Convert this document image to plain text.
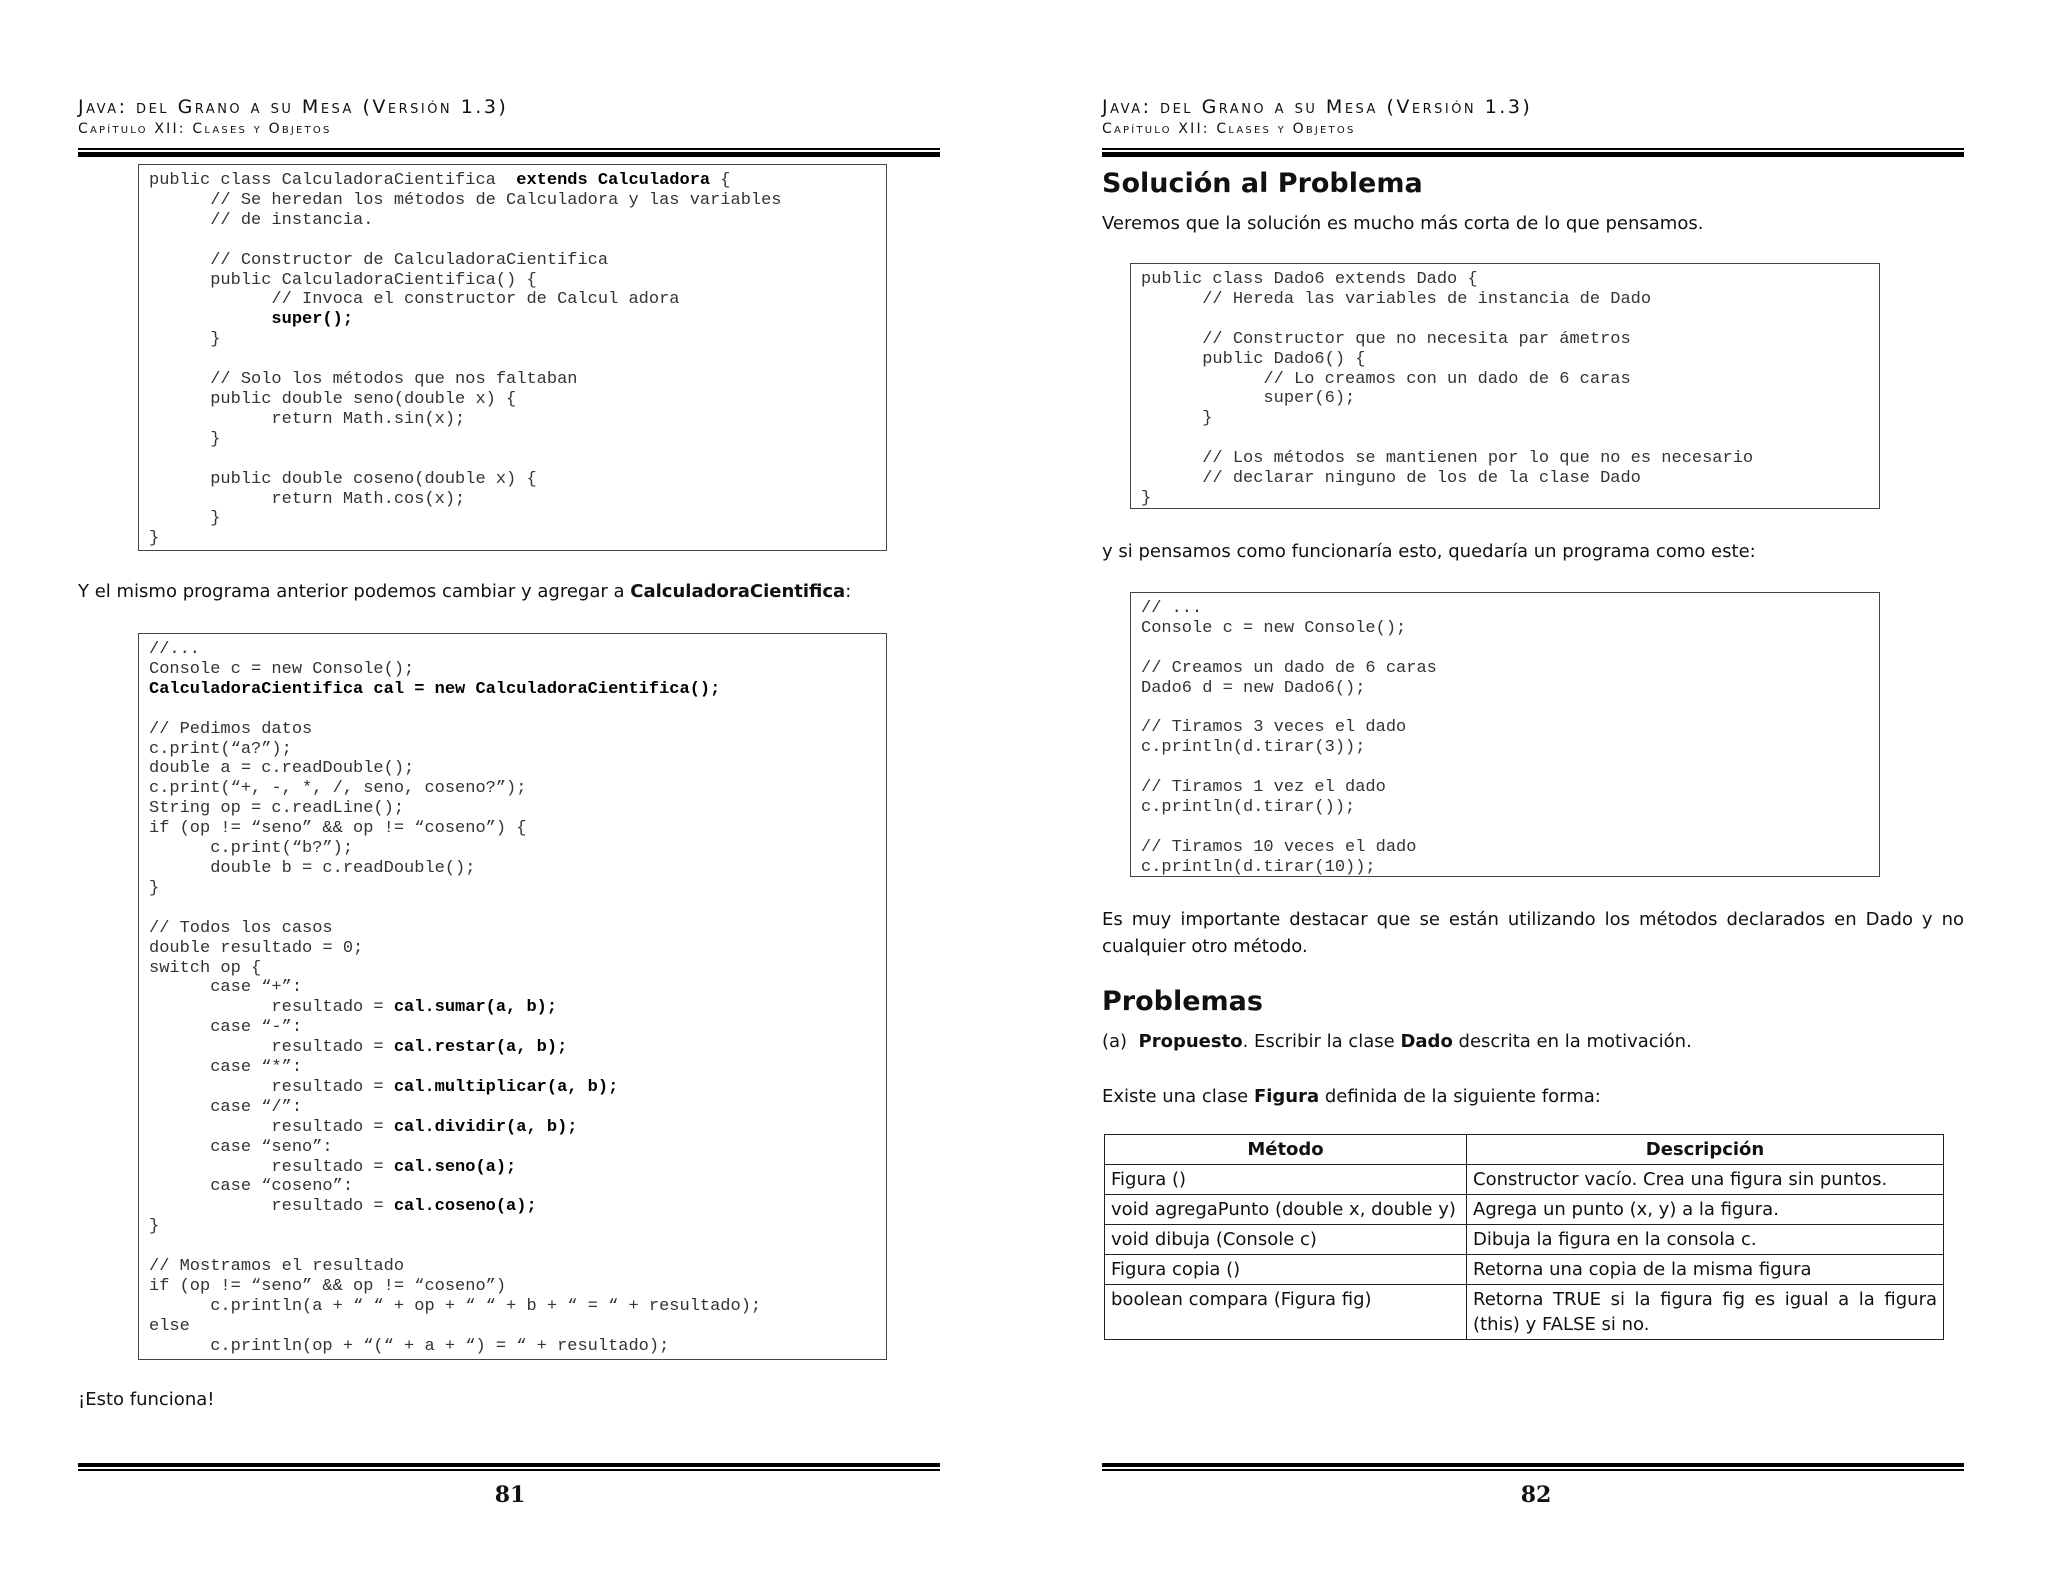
Java: del Grano a su Mesa (Versión 1.3)
Capítulo XII: Clases y Objetos
public class CalculadoraCientifica  extends Calculadora {
// Se heredan los métodos de Calculadora y las variables
// de instancia.

// Constructor de CalculadoraCientifica
public CalculadoraCientifica() {
// Invoca el constructor de Calcul adora
super();
}

// Solo los métodos que nos faltaban
public double seno(double x) {
return Math.sin(x);
}

public double coseno(double x) {
return Math.cos(x);
}
}
Y el mismo programa anterior podemos cambiar y agregar a CalculadoraCientifica:
//...
Console c = new Console();
CalculadoraCientifica cal = new CalculadoraCientifica();

// Pedimos datos
c.print(“a?”);
double a = c.readDouble();
c.print(“+, -, *, /, seno, coseno?”);
String op = c.readLine();
if (op != “seno” && op != “coseno”) {
c.print(“b?”);
double b = c.readDouble();
}

// Todos los casos
double resultado = 0;
switch op {
case “+”:
resultado = cal.sumar(a, b);
case “-”:
resultado = cal.restar(a, b);
case “*”:
resultado = cal.multiplicar(a, b);
case “/”:
resultado = cal.dividir(a, b);
case “seno”:
resultado = cal.seno(a);
case “coseno”:
resultado = cal.coseno(a);
}

// Mostramos el resultado
if (op != “seno” && op != “coseno”)
c.println(a + “ “ + op + “ “ + b + “ = “ + resultado);
else
c.println(op + “(“ + a + “) = “ + resultado);
¡Esto funciona!
81
Java: del Grano a su Mesa (Versión 1.3)
Capítulo XII: Clases y Objetos
Solución al Problema
Veremos que la solución es mucho más corta de lo que pensamos.
public class Dado6 extends Dado {
// Hereda las variables de instancia de Dado

// Constructor que no necesita par ámetros
public Dado6() {
// Lo creamos con un dado de 6 caras
super(6);
}

// Los métodos se mantienen por lo que no es necesario
// declarar ninguno de los de la clase Dado
}
y si pensamos como funcionaría esto, quedaría un programa como este:
// ...
Console c = new Console();

// Creamos un dado de 6 caras
Dado6 d = new Dado6();

// Tiramos 3 veces el dado
c.println(d.tirar(3));

// Tiramos 1 vez el dado
c.println(d.tirar());

// Tiramos 10 veces el dado
c.println(d.tirar(10));
Es muy importante destacar que se están utilizando los métodos declarados en Dado y no cualquier otro método.
Problemas
(a) Propuesto. Escribir la clase Dado descrita en la motivación.
Existe una clase Figura definida de la siguiente forma:
Método	Descripción
Figura ()	Constructor vacío. Crea una figura sin puntos.
void agregaPunto (double x, double y)	Agrega un punto (x, y) a la figura.
void dibuja (Console c)	Dibuja la figura en la consola c.
Figura copia ()	Retorna una copia de la misma figura
boolean compara (Figura fig)	Retorna TRUE si la figura fig es igual a la figura (this) y FALSE si no.
82
